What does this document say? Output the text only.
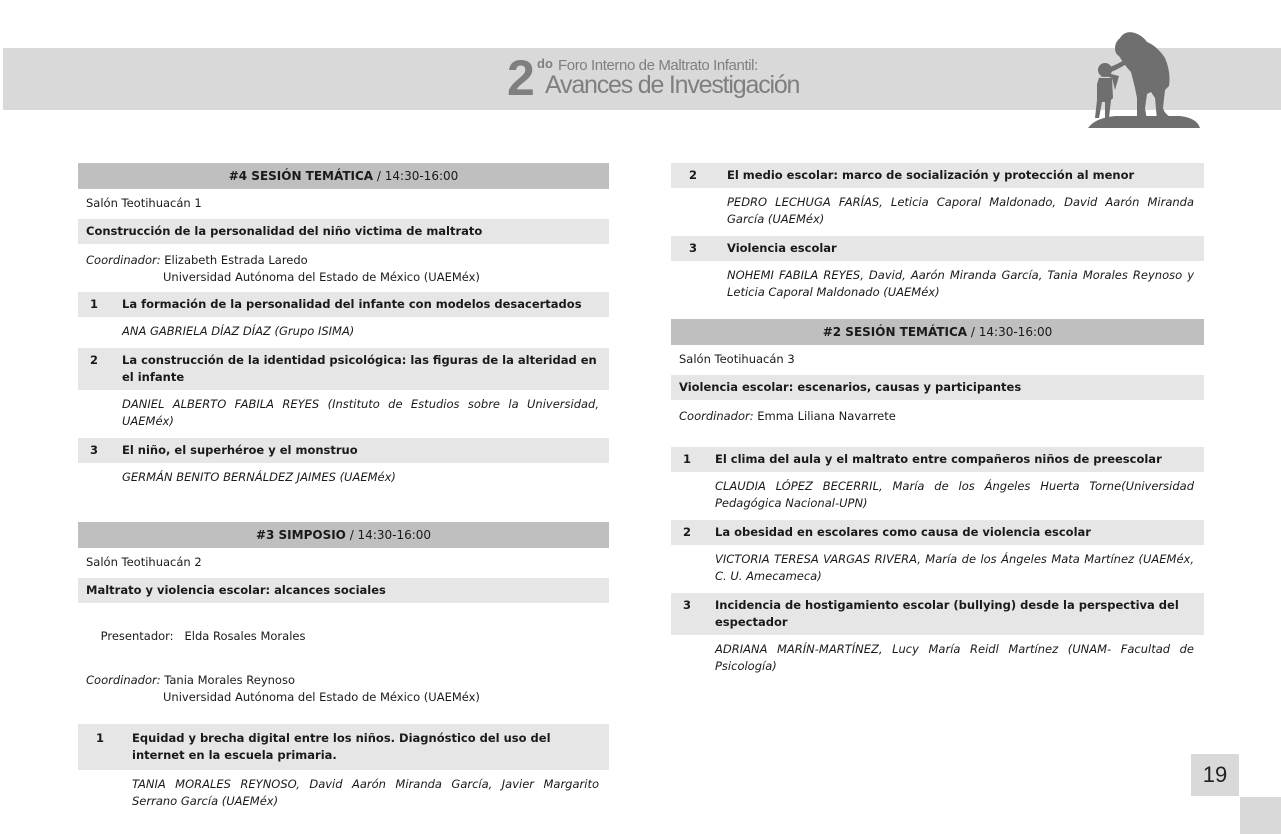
2 do Foro Interno de Maltrato Infantil:
Avances de Investigación
#4 SESIÓN TEMÁTICA / 14:30-16:00
Salón Teotihuacán 1
Construcción de la personalidad del niño victima de maltrato
Coordinador: Elizabeth Estrada Laredo
Universidad Autónoma del Estado de México (UAEMéx)
1 La formación de la personalidad del infante con modelos desacertados
ANA GABRIELA DÍAZ DÍAZ (Grupo ISIMA)
2 La construcción de la identidad psicológica: las figuras de la alteridad en el infante
DANIEL ALBERTO FABILA REYES (Instituto de Estudios sobre la Universidad, UAEMéx)
3 El niño, el superhéroe y el monstruo
GERMÁN BENITO BERNÁLDEZ JAIMES (UAEMéx)
#3 SIMPOSIO / 14:30-16:00
Salón Teotihuacán 2
Maltrato y violencia escolar: alcances sociales

Presentador:   Elda Rosales Morales

Coordinador: Tania Morales Reynoso
Universidad Autónoma del Estado de México (UAEMéx)
1 Equidad y brecha digital entre los niños. Diagnóstico del uso del internet en la escuela primaria.
TANIA MORALES REYNOSO, David Aarón Miranda García, Javier Margarito Serrano García (UAEMéx)
2	El medio escolar: marco de socialización y protección al menor
PEDRO LECHUGA FARÍAS, Leticia Caporal Maldonado, David Aarón Miranda García (UAEMéx)
3	Violencia escolar
NOHEMI FABILA REYES, David, Aarón Miranda García, Tania Morales Reynoso y Leticia Caporal Maldonado (UAEMéx)
#2 SESIÓN TEMÁTICA / 14:30-16:00
Salón Teotihuacán 3
Violencia escolar: escenarios, causas y participantes
Coordinador: Emma Liliana Navarrete
1 El clima del aula y el maltrato entre compañeros niños de preescolar
CLAUDIA LÓPEZ BECERRIL, María de los Ángeles Huerta Torne(Universidad Pedagógica Nacional-UPN)
2 La obesidad en escolares como causa de violencia escolar
VICTORIA TERESA VARGAS RIVERA, María de los Ángeles Mata Martínez (UAEMéx, C. U. Amecameca)
3 Incidencia de hostigamiento escolar (bullying) desde la perspectiva del espectador
ADRIANA MARÍN-MARTÍNEZ, Lucy María Reidl Martínez (UNAM- Facultad de Psicología)
19
